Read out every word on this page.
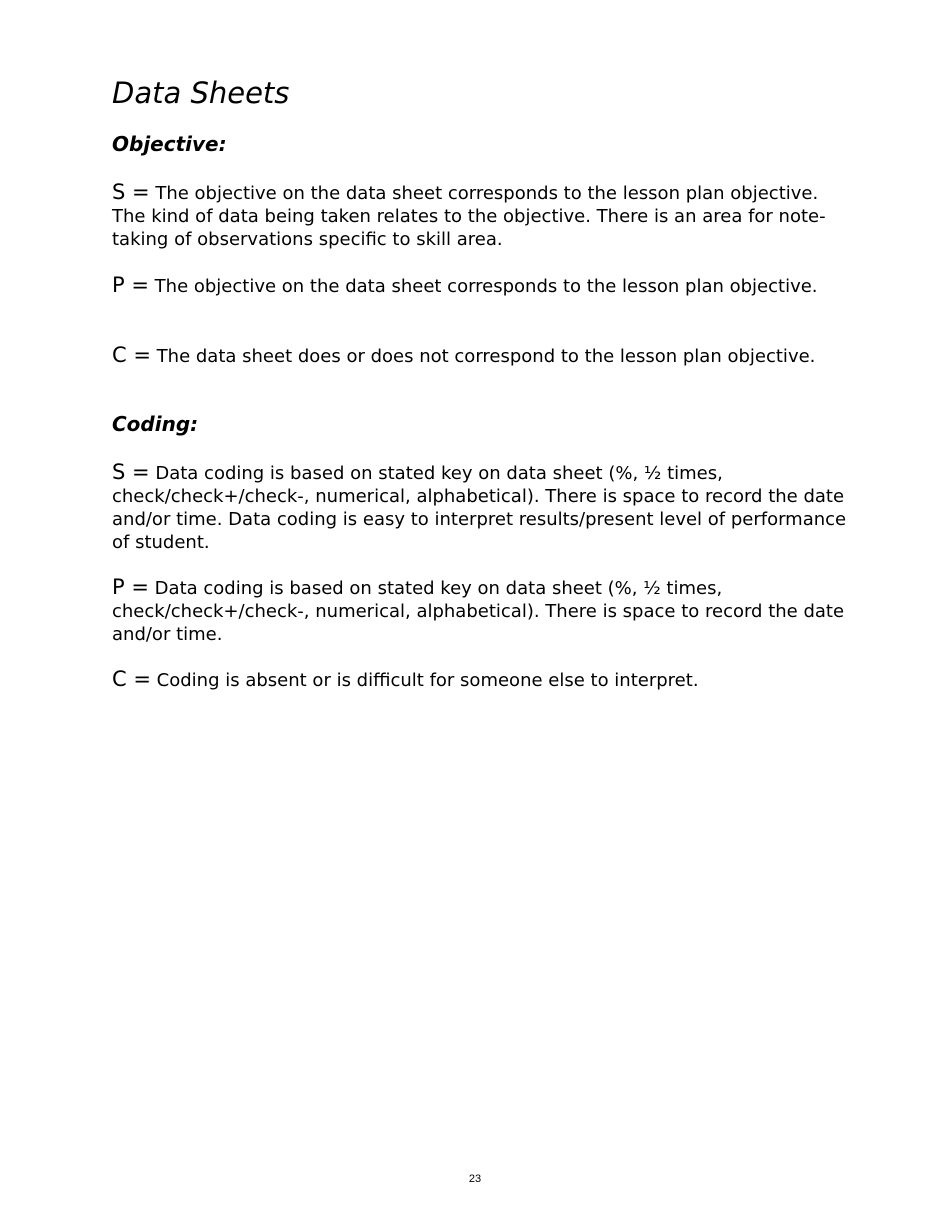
Data Sheets
Objective:

S = The objective on the data sheet corresponds to the lesson plan objective. The kind of data being taken relates to the objective. There is an area for note-taking of observations specific to skill area.

P = The objective on the data sheet corresponds to the lesson plan objective.

C = The data sheet does or does not correspond to the lesson plan objective.

Coding:

S = Data coding is based on stated key on data sheet (%, ½ times, check/check+/check-, numerical, alphabetical). There is space to record the date and/or time. Data coding is easy to interpret results/present level of performance of student.

P = Data coding is based on stated key on data sheet (%, ½ times, check/check+/check-, numerical, alphabetical). There is space to record the date and/or time.

C = Coding is absent or is difficult for someone else to interpret.

23
